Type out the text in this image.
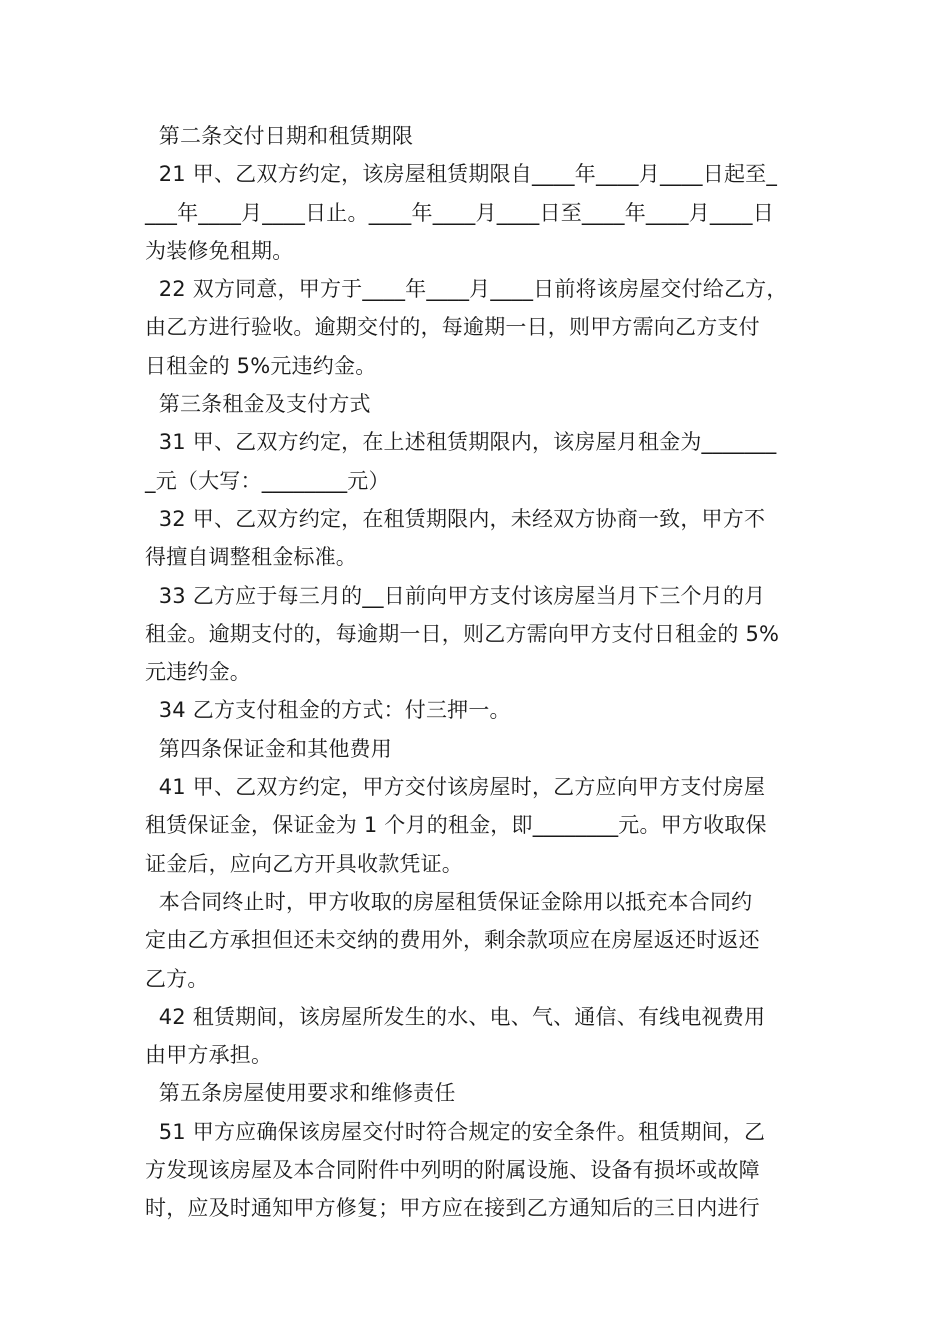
第二条交付日期和租赁期限
21 甲、乙双方约定，该房屋租赁期限自____年____月____日起至_
___年____月____日止。____年____月____日至____年____月____日
为装修免租期。
22 双方同意，甲方于____年____月____日前将该房屋交付给乙方，
由乙方进行验收。逾期交付的，每逾期一日，则甲方需向乙方支付
日租金的 5%元违约金。
第三条租金及支付方式
31 甲、乙双方约定，在上述租赁期限内，该房屋月租金为_______
_元（大写：________元）
32 甲、乙双方约定，在租赁期限内，未经双方协商一致，甲方不
得擅自调整租金标准。
33 乙方应于每三月的__日前向甲方支付该房屋当月下三个月的月
租金。逾期支付的，每逾期一日，则乙方需向甲方支付日租金的 5%
元违约金。
34 乙方支付租金的方式：付三押一。
第四条保证金和其他费用
41 甲、乙双方约定，甲方交付该房屋时，乙方应向甲方支付房屋
租赁保证金，保证金为 1 个月的租金，即________元。甲方收取保
证金后，应向乙方开具收款凭证。
本合同终止时，甲方收取的房屋租赁保证金除用以抵充本合同约
定由乙方承担但还未交纳的费用外，剩余款项应在房屋返还时返还
乙方。
42 租赁期间，该房屋所发生的水、电、气、通信、有线电视费用
由甲方承担。
第五条房屋使用要求和维修责任
51 甲方应确保该房屋交付时符合规定的安全条件。租赁期间，乙
方发现该房屋及本合同附件中列明的附属设施、设备有损坏或故障
时，应及时通知甲方修复；甲方应在接到乙方通知后的三日内进行
